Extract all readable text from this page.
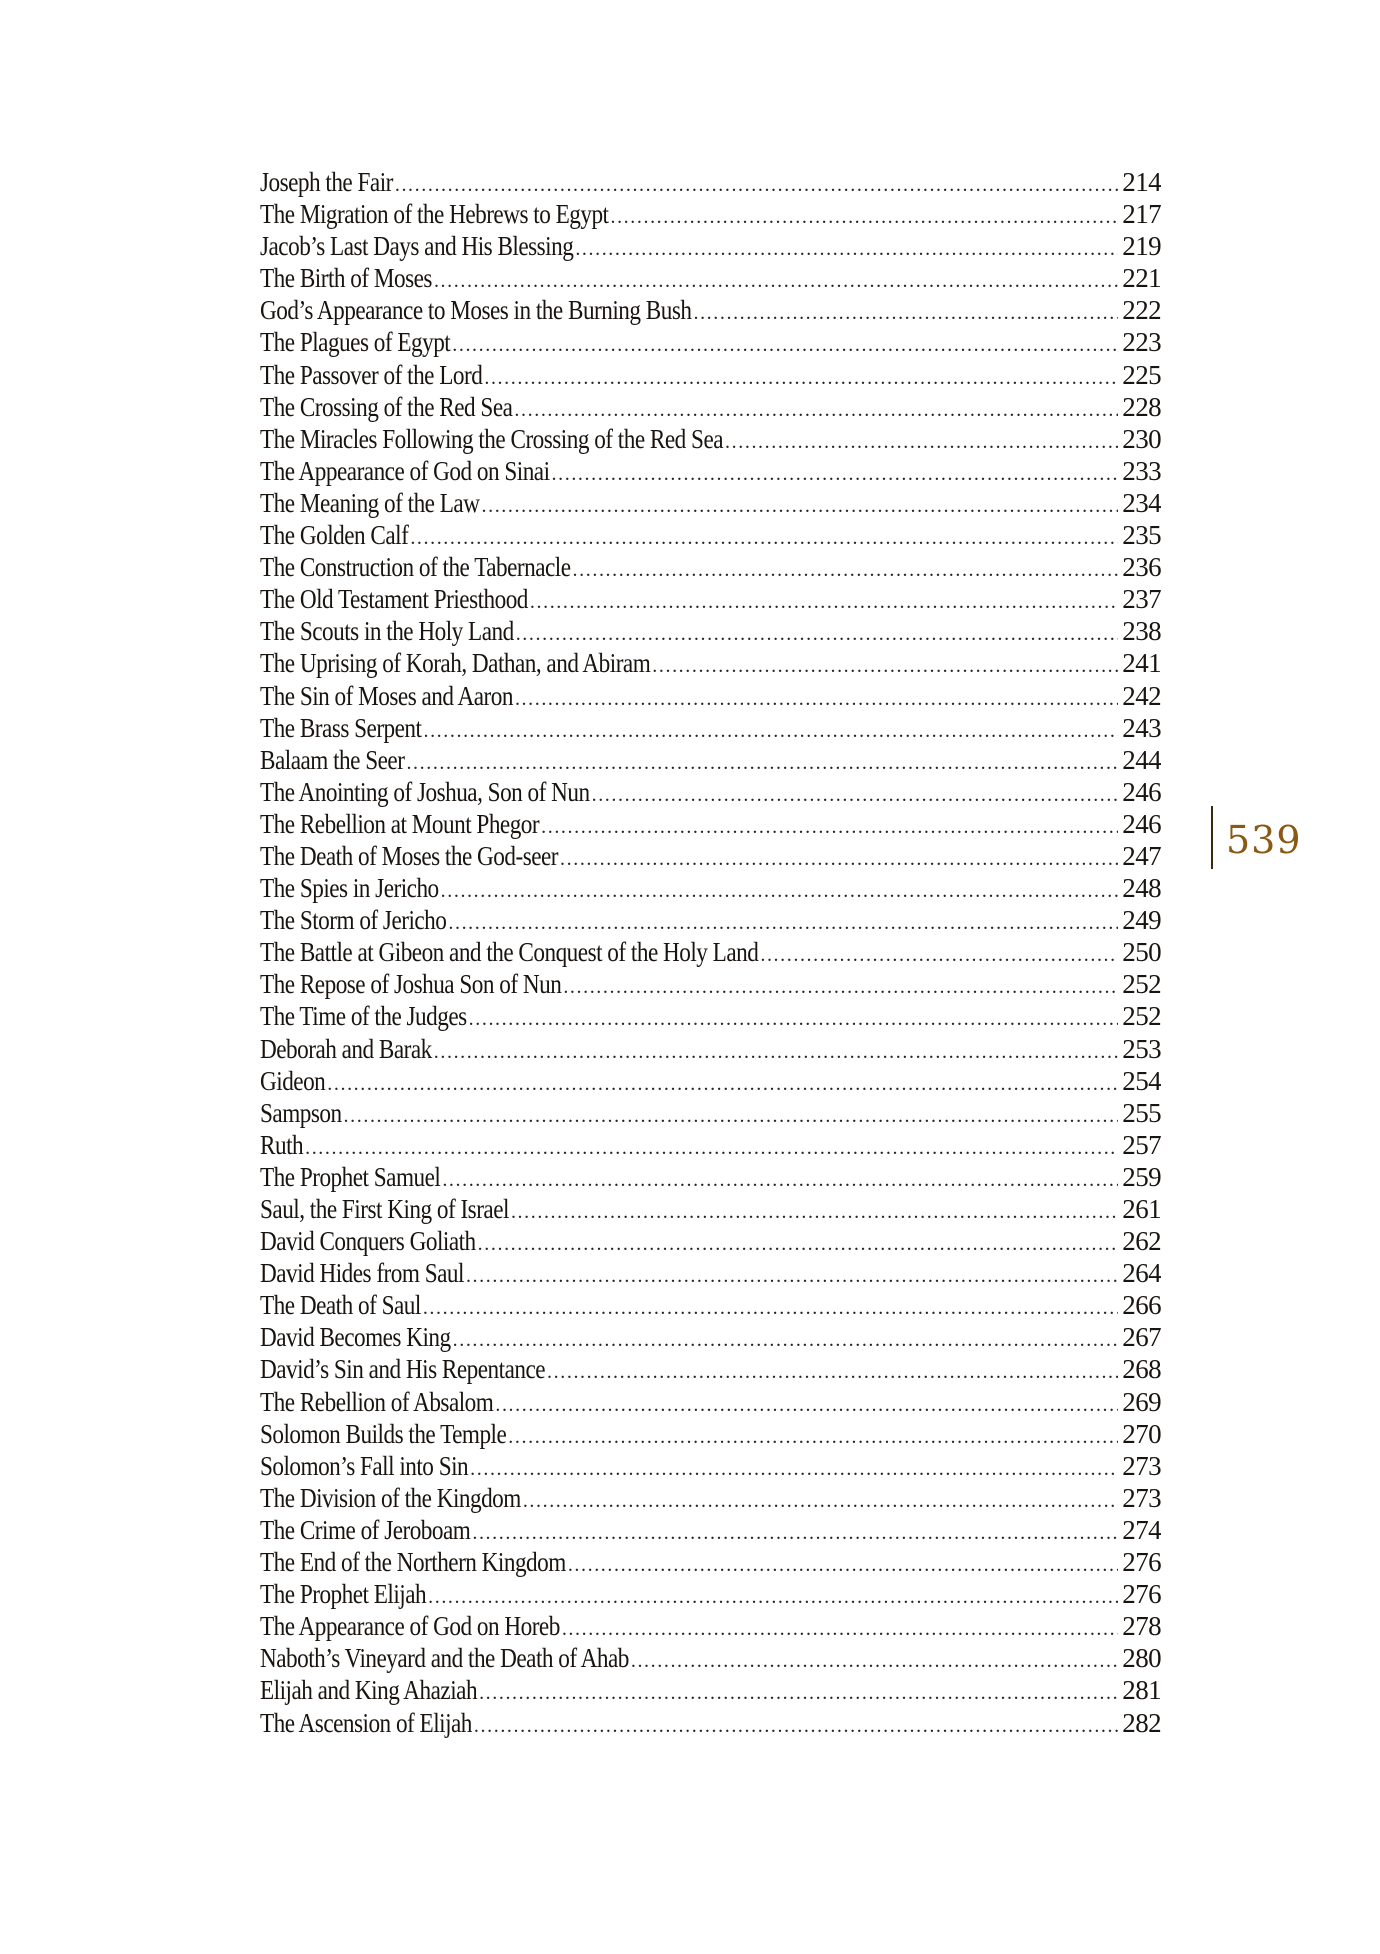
Joseph the Fair .....	214
The Migration of the Hebrews to Egypt .....	217
Jacob’s Last Days and His Blessing .....	219
The Birth of Moses .....	221
God’s Appearance to Moses in the Burning Bush .....	222
The Plagues of Egypt .....	223
The Passover of the Lord .....	225
The Crossing of the Red Sea .....	228
The Miracles Following the Crossing of the Red Sea .....	230
The Appearance of God on Sinai .....	233
The Meaning of the Law .....	234
The Golden Calf .....	235
The Construction of the Tabernacle .....	236
The Old Testament Priesthood .....	237
The Scouts in the Holy Land .....	238
The Uprising of Korah, Dathan, and Abiram .....	241
The Sin of Moses and Aaron .....	242
The Brass Serpent .....	243
Balaam the Seer .....	244
The Anointing of Joshua, Son of Nun .....	246
The Rebellion at Mount Phegor .....	246
The Death of Moses the God-seer .....	247
The Spies in Jericho .....	248
The Storm of Jericho .....	249
The Battle at Gibeon and the Conquest of the Holy Land .....	250
The Repose of Joshua Son of Nun .....	252
The Time of the Judges .....	252
Deborah and Barak .....	253
Gideon .....	254
Sampson .....	255
Ruth .....	257
The Prophet Samuel .....	259
Saul, the First King of Israel .....	261
David Conquers Goliath .....	262
David Hides from Saul .....	264
The Death of Saul .....	266
David Becomes King .....	267
David’s Sin and His Repentance .....	268
The Rebellion of Absalom .....	269
Solomon Builds the Temple .....	270
Solomon’s Fall into Sin .....	273
The Division of the Kingdom .....	273
The Crime of Jeroboam .....	274
The End of the Northern Kingdom .....	276
The Prophet Elijah .....	276
The Appearance of God on Horeb .....	278
Naboth’s Vineyard and the Death of Ahab .....	280
Elijah and King Ahaziah .....	281
The Ascension of Elijah .....	282
539
